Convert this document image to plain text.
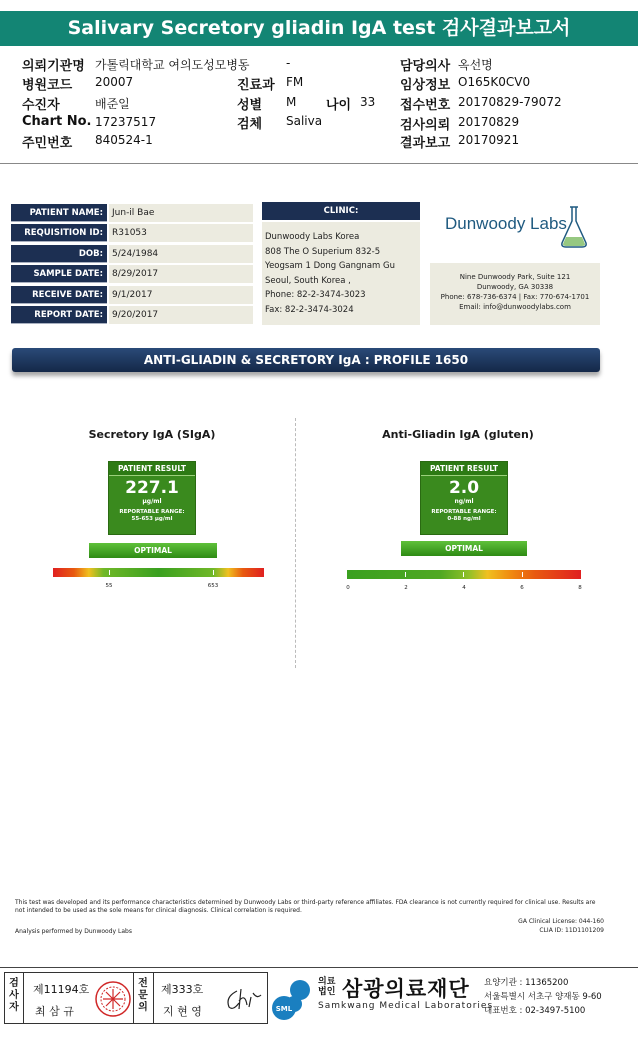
Salivary Secretory gliadin IgA test 검사결과보고서
의뢰기관명 가톨릭대학교 여의도성모병동	-	담당의사 옥선명
병원코드 20007	진료과 FM	임상정보 O165K0CV0
수진자	배준일	성별 M 나이 33 접수번호 20170829-79072
Chart No. 17237517	검체 Saliva	검사의뢰 20170829
주민번호 840524-1	결과보고 20170921
PATIENT NAME:	Jun-il Bae
REQUISITION ID:	R31053
DOB:	5/24/1984
SAMPLE DATE:	8/29/2017
RECEIVE DATE:	9/1/2017
REPORT DATE:	9/20/2017
CLINIC:
Dunwoody Labs Korea
808 The O Superium 832-5
Yeogsam 1 Dong Gangnam Gu
Seoul, South Korea ,
Phone: 82-2-3474-3023
Fax: 82-2-3474-3024
Dunwoody Labs
Nine Dunwoody Park, Suite 121
Dunwoody, GA 30338
Phone: 678-736-6374 | Fax: 770-674-1701
Email: info@dunwoodylabs.com
ANTI-GLIADIN & SECRETORY IgA : PROFILE 1650
Secretory IgA (SIgA)
PATIENT RESULT
227.1
μg/ml
REPORTABLE RANGE:
55-653 μg/ml
OPTIMAL
55	653
Anti-Gliadin IgA (gluten)
PATIENT RESULT
2.0
ng/ml
REPORTABLE RANGE:
0-88 ng/ml
OPTIMAL
0	2	4	6	8
This test was developed and its performance characteristics determined by Dunwoody Labs or third-party reference affiliates. FDA clearance is not currently required for clinical use. Results are not intended to be used as the sole means for clinical diagnosis. Clinical correlation is required.
GA Clinical License: 044-160
CLIA ID: 11D1101209
Analysis performed by Dunwoody Labs
검사자
제11194호
최 삼 규
전문의
제333호
지 현 영	SML
의료
법인 삼광의료재단
Samkwang Medical Laboratories
요양기관 : 11365200
서울특별시 서초구 양재동 9-60
대표번호 : 02-3497-5100
